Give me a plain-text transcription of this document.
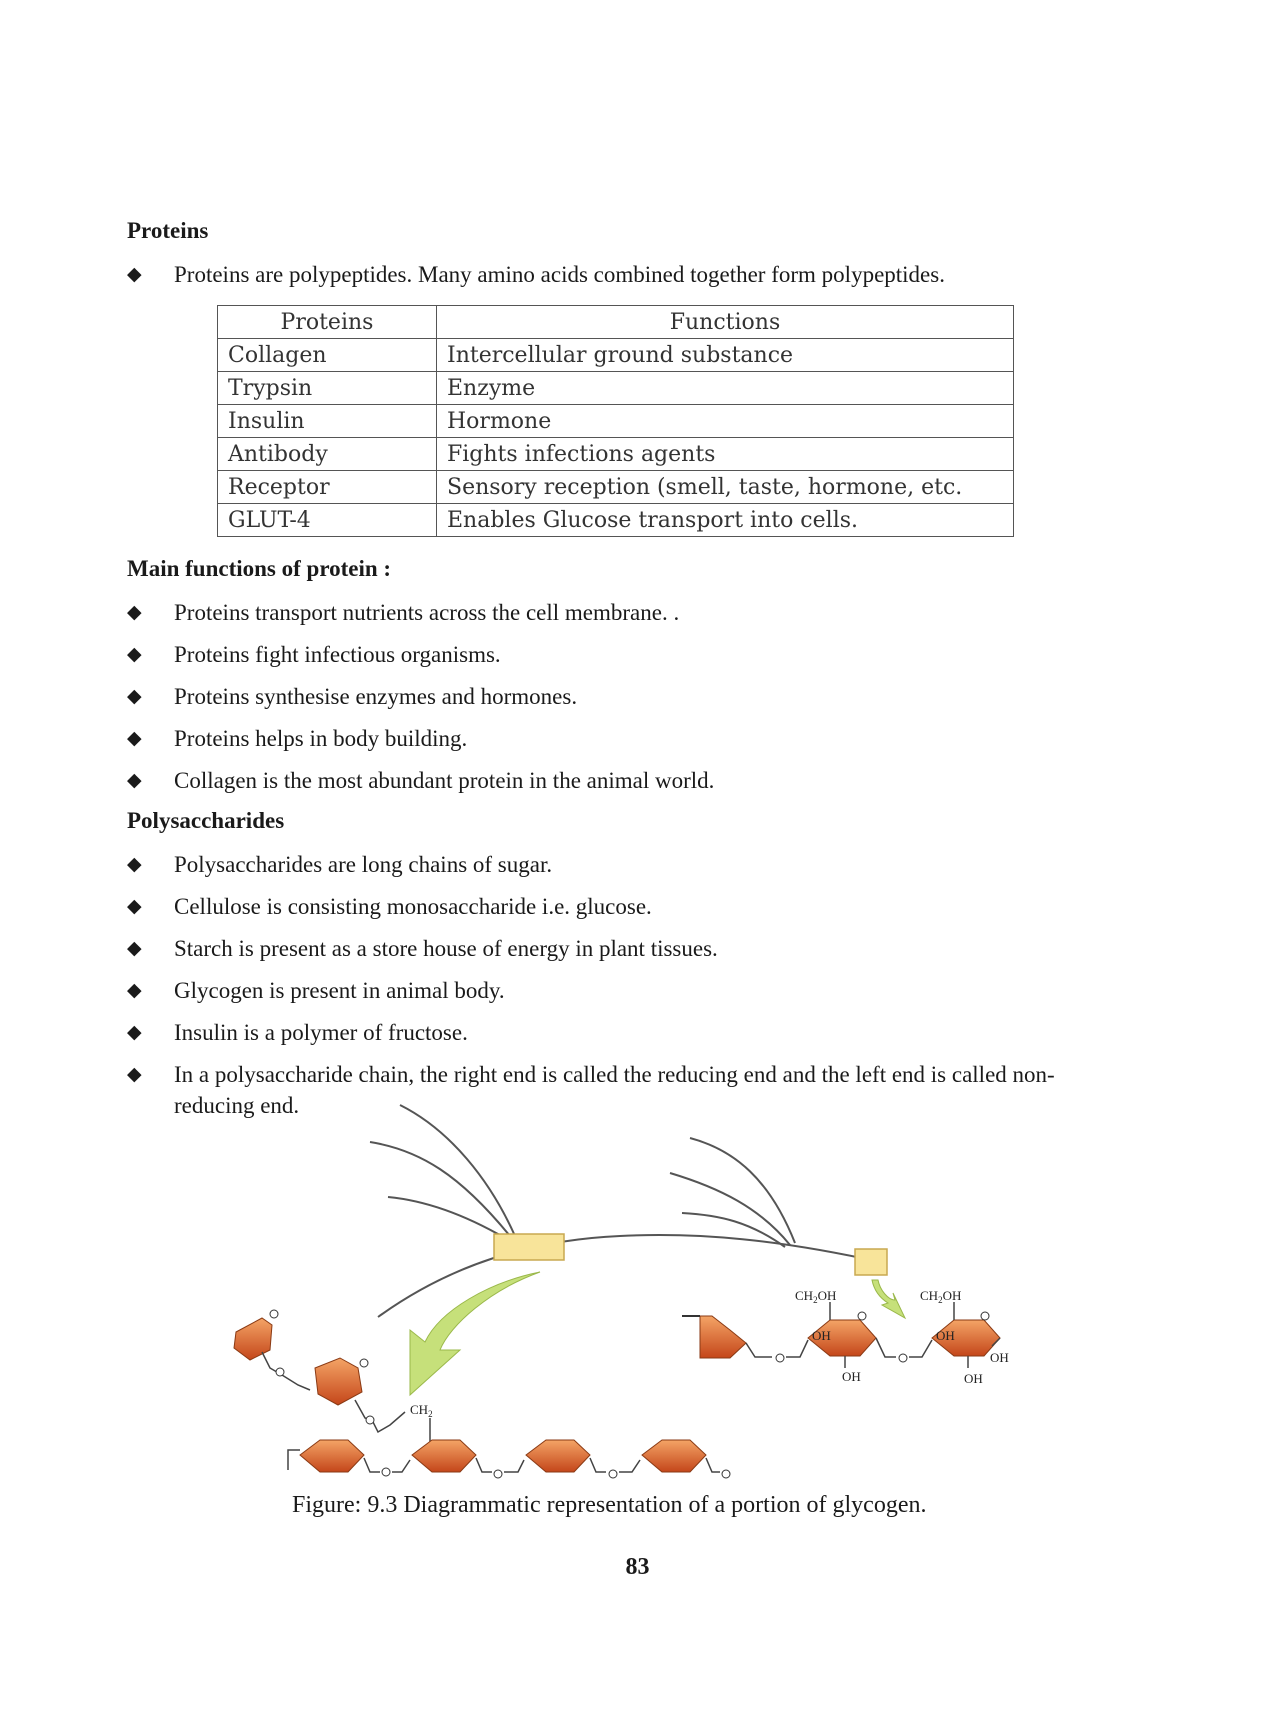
Proteins
◆ Proteins are polypeptides. Many amino acids combined together form polypeptides.
Proteins	Functions
Collagen	Intercellular ground substance
Trypsin	Enzyme
Insulin	Hormone
Antibody	Fights infections agents
Receptor	Sensory reception (smell, taste, hormone, etc.
GLUT-4	Enables Glucose transport into cells.
Main functions of protein :
◆ Proteins transport nutrients across the cell membrane. .
◆ Proteins fight infectious organisms.
◆ Proteins synthesise enzymes and hormones.
◆ Proteins helps in body building.
◆ Collagen is the most abundant protein in the animal world.
Polysaccharides
◆ Polysaccharides are long chains of sugar.
◆ Cellulose is consisting monosaccharide i.e. glucose.
◆ Starch is present as a store house of energy in plant tissues.
◆ Glycogen is present in animal body.
◆ Insulin is a polymer of fructose.
◆ In a polysaccharide chain, the right end is called the reducing end and the left end is called non-reducing end.
$CH_2$
OH
OH
$CH_2OH$
OH
OH
OH
$CH_2OH$
Figure: 9.3 Diagrammatic representation of a portion of glycogen.
83
